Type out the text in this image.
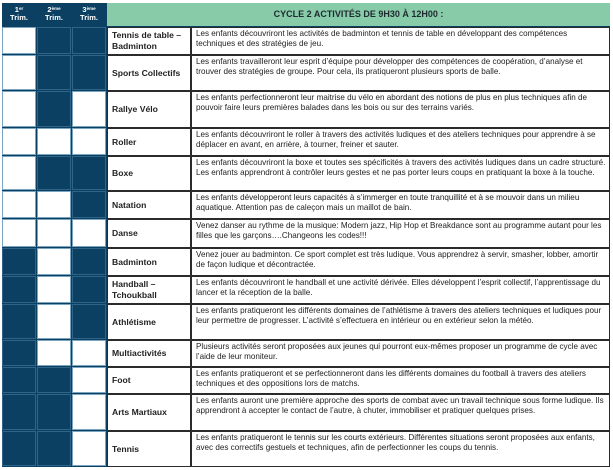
1er
Trim.
2ème
Trim.
3ème
Trim.	CYCLE 2 ACTIVITÉS DE 9H30 À 12H00 :
Tennis de table – Badminton
Les enfants découvriront les activités de badminton et tennis de table en développant des compétences techniques et des stratégies de jeu.
Sports Collectifs
Les enfants travailleront leur esprit d’équipe pour développer des compétences de coopération, d’analyse et trouver des stratégies de groupe. Pour cela, ils pratiqueront plusieurs sports de balle.
Rallye Vélo
Les enfants perfectionneront leur maitrise du vélo en abordant des notions de plus en plus techniques afin de pouvoir faire leurs premières balades dans les bois ou sur des terrains variés.
Roller
Les enfants découvriront le roller à travers des activités ludiques et des ateliers techniques pour apprendre à se déplacer en avant, en arrière, à tourner, freiner et sauter.
Boxe
Les enfants découvriront la boxe et toutes ses spécificités à travers des activités ludiques dans un cadre structuré. Les enfants apprendront à contrôler leurs gestes et ne pas porter leurs coups en pratiquant la boxe à la touche.
Natation
Les enfants développeront leurs capacités à s’immerger en toute tranquillité et à se mouvoir dans un milieu aquatique. Attention pas de caleçon mais un maillot de bain.
Danse
Venez danser au rythme de la musique: Modern jazz, Hip Hop et Breakdance sont au programme autant pour les filles que les garçons….Changeons les codes!!!
Badminton
Venez jouer au badminton. Ce sport complet est très ludique. Vous apprendrez à servir, smasher, lobber, amortir de façon ludique et décontractée.
Handball – Tchoukball
Les enfants découvriront le handball et une activité dérivée. Elles développent l’esprit collectif, l’apprentissage du lancer et la réception de la balle.
Athlétisme
Les enfants pratiqueront les différents domaines de l’athlétisme à travers des ateliers techniques et ludiques pour leur permettre de progresser. L’activité s’effectuera en intérieur ou en extérieur selon la météo.
Multiactivités
Plusieurs activités seront proposées aux jeunes qui pourront eux-mêmes proposer un programme de cycle avec l’aide de leur moniteur.
Foot
Les enfants pratiqueront et se perfectionneront dans les différents domaines du football à travers des ateliers techniques et des oppositions lors de matchs.
Arts Martiaux
Les enfants auront une première approche des sports de combat avec un travail technique sous forme ludique. Ils apprendront à accepter le contact de l’autre, à chuter, immobiliser et pratiquer quelques prises.
Tennis
Les enfants pratiqueront le tennis sur les courts extérieurs. Différentes situations seront proposées aux enfants, avec des correctifs gestuels et techniques, afin de perfectionner les coups du tennis.
